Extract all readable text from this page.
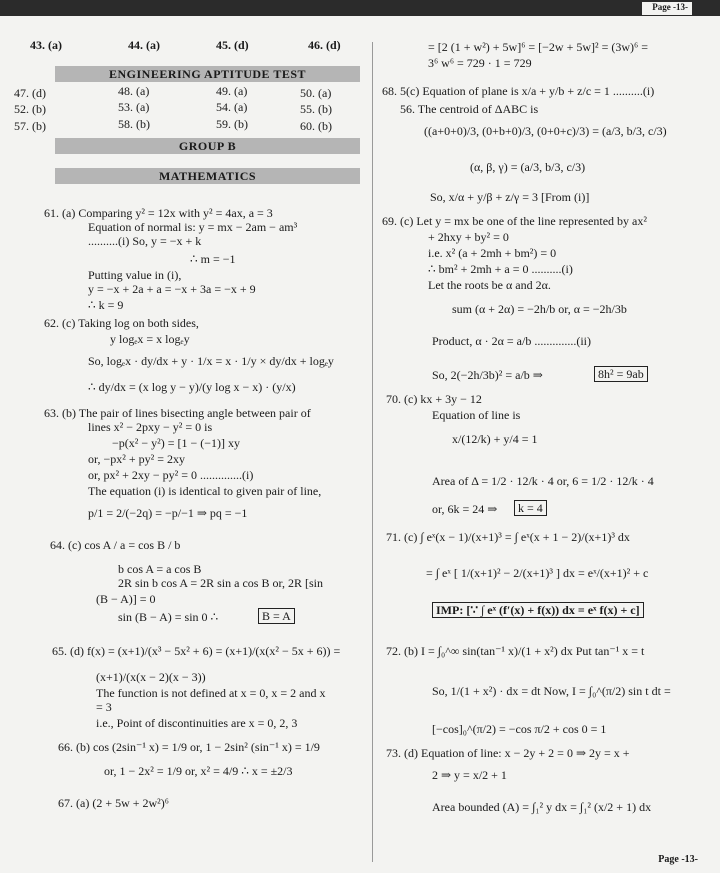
Page -13-
43. (a)	44. (a)	45. (d)	46. (d)
ENGINEERING APTITUDE TEST
47. (d)	48. (a)	49. (a)	50. (a)
52. (b)	53. (a)	54. (a)	55. (b)
57. (b)	58. (b)	59. (b)	60. (b)
GROUP B
MATHEMATICS
61. (a) Comparing y² = 12x with y² = 4ax, a = 3
Equation of normal is: y = mx − 2am − am³
..........(i) So, y = −x + k
∴ m = −1
Putting value in (i),
y = −x + 2a + a = −x + 3a = −x + 9
∴ k = 9
62. (c) Taking log on both sides,
y logₑx = x logₑy
So, logₑx · dy/dx + y · 1/x = x · 1/y × dy/dx + logₑy
∴ dy/dx = (x log y − y)/(y log x − x) · (y/x)
63. (b) The pair of lines bisecting angle between pair of
lines x² − 2pxy − y² = 0 is
−p(x² − y²) = [1 − (−1)] xy
or, −px² + py² = 2xy
or, px² + 2xy − py² = 0 ..............(i)
The equation (i) is identical to given pair of line,
p/1 = 2/(−2q) = −p/−1 ⇒ pq = −1
64. (c) cos A / a = cos B / b
b cos A = a cos B
2R sin b cos A = 2R sin a cos B or, 2R [sin
(B − A)] = 0
sin (B − A) = sin 0 ∴	B = A
65. (d) f(x) = (x+1)/(x³ − 5x² + 6) = (x+1)/(x(x² − 5x + 6)) =
(x+1)/(x(x − 2)(x − 3))
The function is not defined at x = 0, x = 2 and x
= 3
i.e., Point of discontinuities are x = 0, 2, 3
66. (b) cos (2sin⁻¹ x) = 1/9 or, 1 − 2sin² (sin⁻¹ x) = 1/9
or, 1 − 2x² = 1/9 or, x² = 4/9 ∴ x = ±2/3
67. (a) (2 + 5w + 2w²)⁶
= [2 (1 + w²) + 5w]⁶ = [−2w + 5w]² = (3w)⁶ =
3⁶ w⁶ = 729 · 1 = 729
68. 5(c) Equation of plane is x/a + y/b + z/c = 1 ..........(i)
56. The centroid of ΔABC is
((a+0+0)/3, (0+b+0)/3, (0+0+c)/3) = (a/3, b/3, c/3)
(α, β, γ) = (a/3, b/3, c/3)
So, x/α + y/β + z/γ = 3 [From (i)]
69. (c) Let y = mx be one of the line represented by ax²
+ 2hxy + by² = 0
i.e. x² (a + 2mh + bm²) = 0
∴ bm² + 2mh + a = 0 ..........(i)
Let the roots be α and 2α.
sum (α + 2α) = −2h/b or, α = −2h/3b
Product, α · 2α = a/b ..............(ii)
So, 2(−2h/3b)² = a/b ⇒	8h² = 9ab
70. (c) kx + 3y − 12
Equation of line is
x/(12/k) + y/4 = 1
Area of Δ = 1/2 · 12/k · 4 or, 6 = 1/2 · 12/k · 4
or, 6k = 24 ⇒	k = 4
71. (c) ∫ eˣ(x − 1)/(x+1)³ = ∫ eˣ(x + 1 − 2)/(x+1)³ dx
= ∫ eˣ [ 1/(x+1)² − 2/(x+1)³ ] dx = eˣ/(x+1)² + c
IMP: [∵ ∫ eˣ (f′(x) + f(x)) dx = eˣ f(x) + c]
72. (b) I = ∫₀^∞ sin(tan⁻¹ x)/(1 + x²) dx Put tan⁻¹ x = t
So, 1/(1 + x²) · dx = dt Now, I = ∫₀^(π/2) sin t dt =
[−cos]₀^(π/2) = −cos π/2 + cos 0 = 1
73. (d) Equation of line: x − 2y + 2 = 0 ⇒ 2y = x +
2 ⇒ y = x/2 + 1
Area bounded (A) = ∫₁² y dx = ∫₁² (x/2 + 1) dx
Page -13-
